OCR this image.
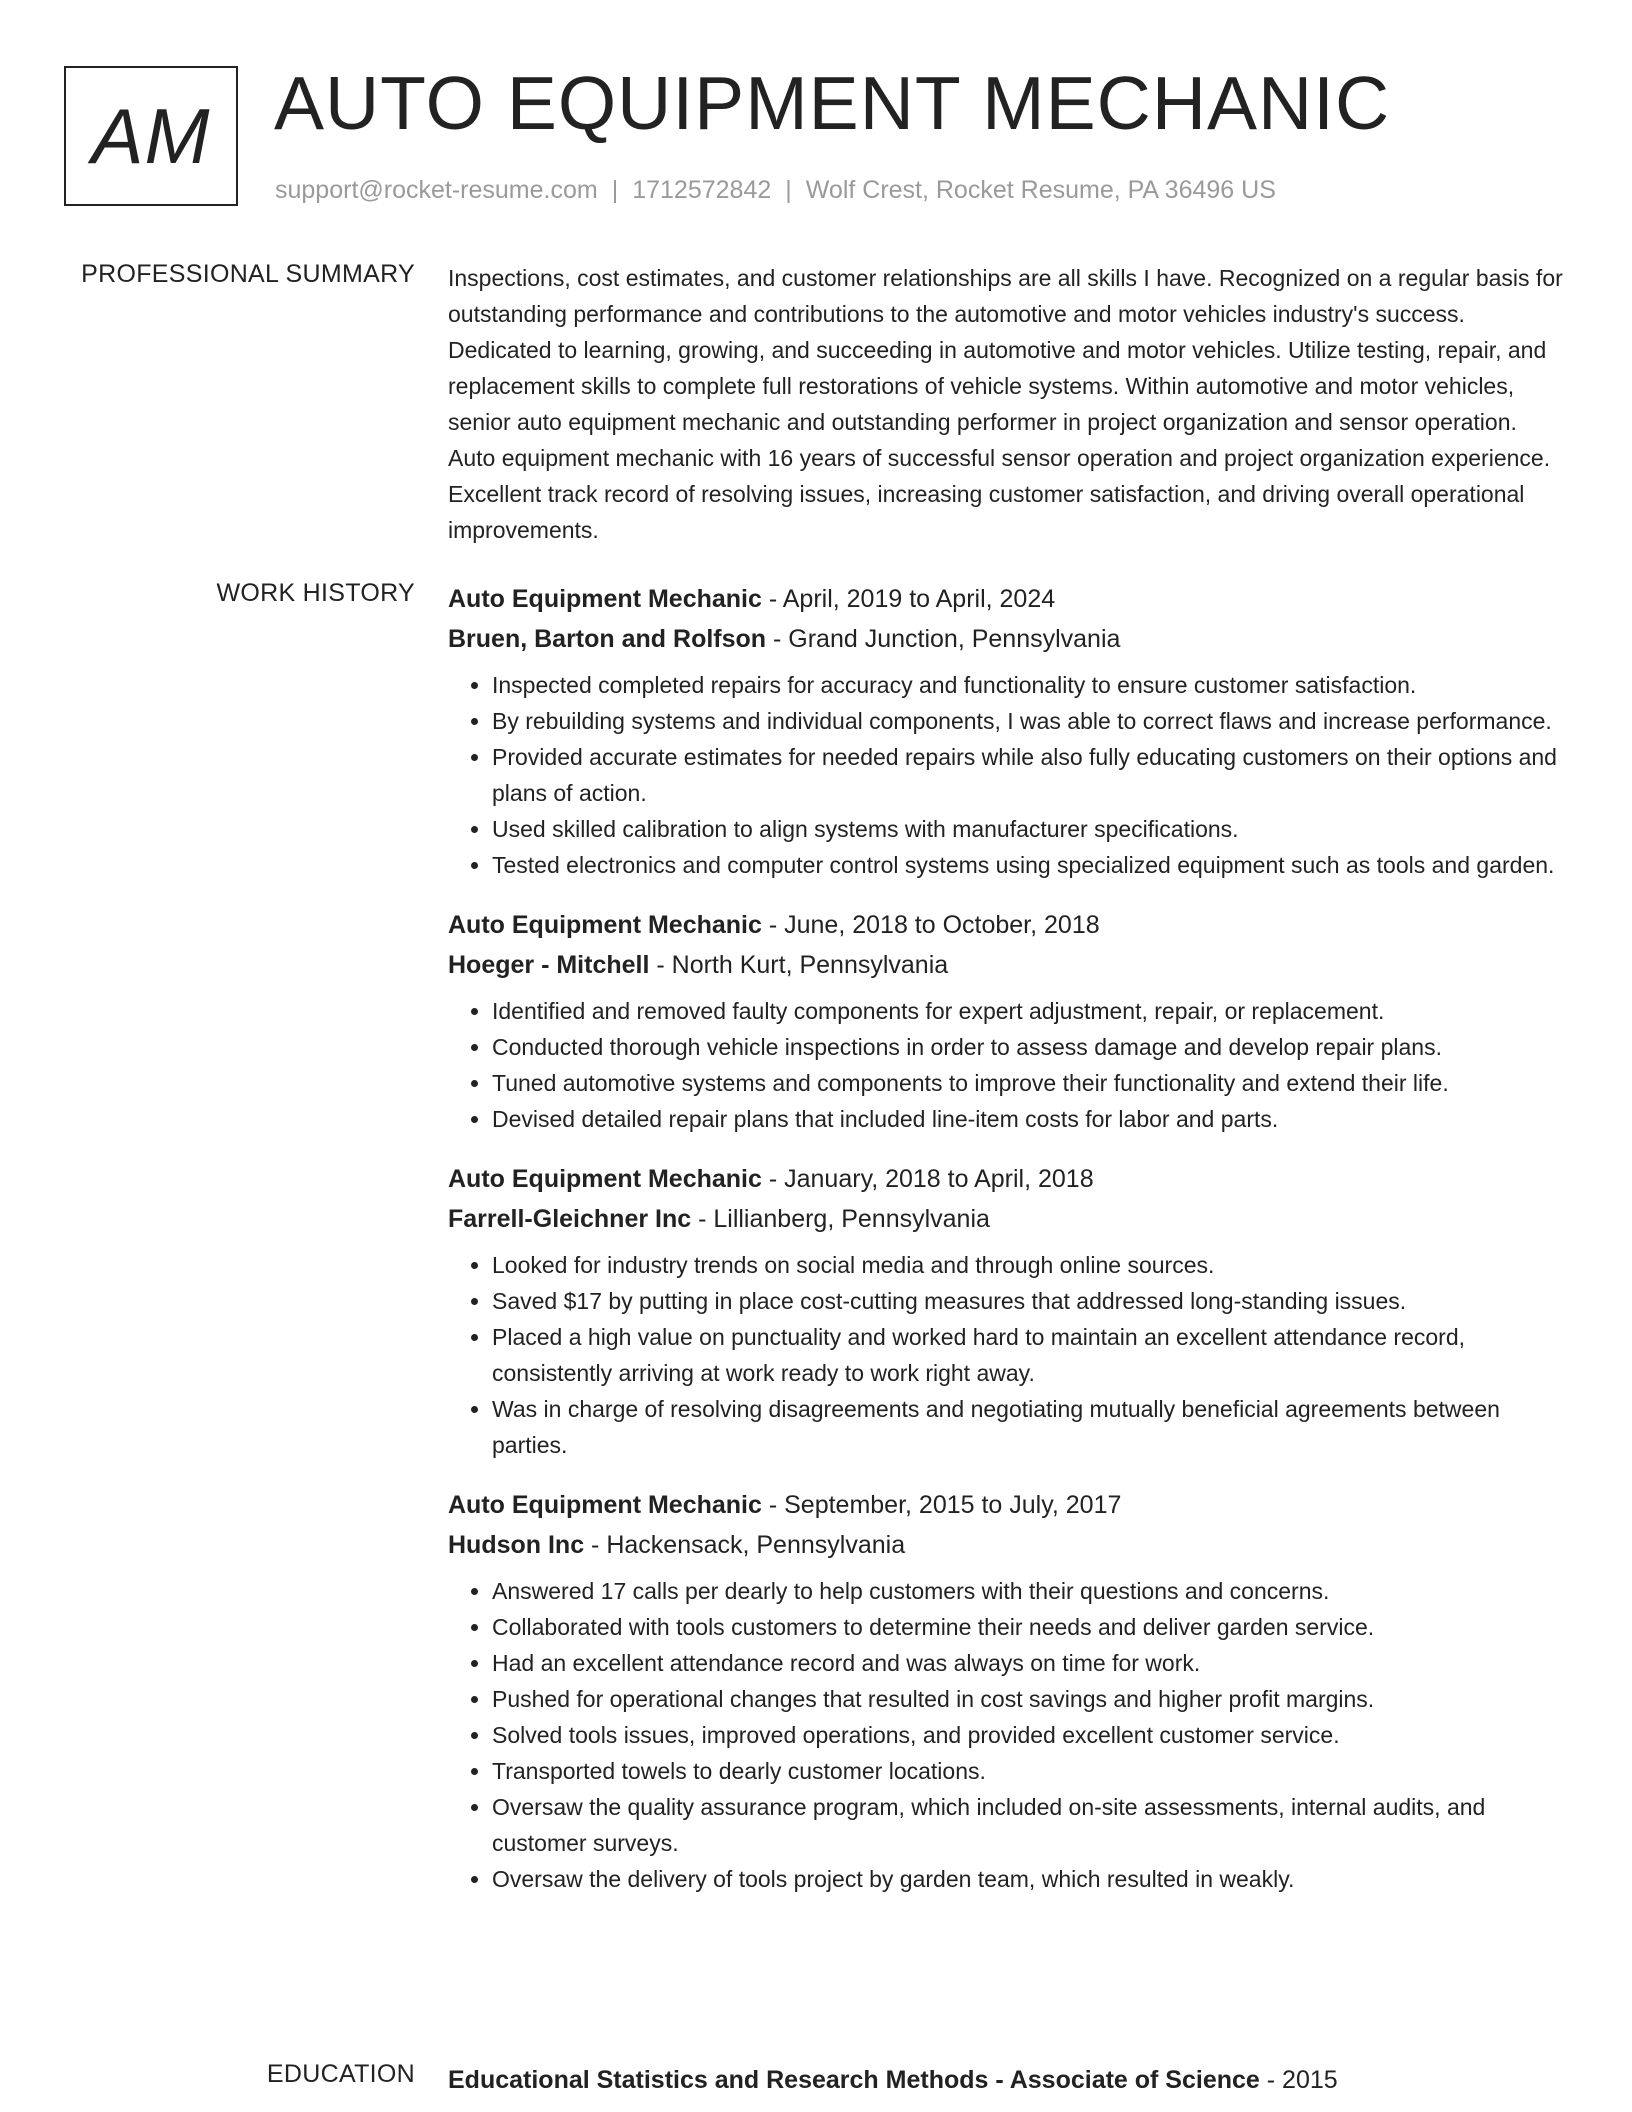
AM AUTO EQUIPMENT MECHANIC
support@rocket-resume.com | 1712572842 | Wolf Crest, Rocket Resume, PA 36496 US
PROFESSIONAL SUMMARY Inspections, cost estimates, and customer relationships are all skills I have. Recognized on a regular basis for outstanding performance and contributions to the automotive and motor vehicles industry's success. Dedicated to learning, growing, and succeeding in automotive and motor vehicles. Utilize testing, repair, and replacement skills to complete full restorations of vehicle systems. Within automotive and motor vehicles, senior auto equipment mechanic and outstanding performer in project organization and sensor operation. Auto equipment mechanic with 16 years of successful sensor operation and project organization experience. Excellent track record of resolving issues, increasing customer satisfaction, and driving overall operational improvements.

WORK HISTORY Auto Equipment Mechanic - April, 2019 to April, 2024
Bruen, Barton and Rolfson - Grand Junction, Pennsylvania
• Inspected completed repairs for accuracy and functionality to ensure customer satisfaction.
• By rebuilding systems and individual components, I was able to correct flaws and increase performance.
• Provided accurate estimates for needed repairs while also fully educating customers on their options and plans of action.
• Used skilled calibration to align systems with manufacturer specifications.
• Tested electronics and computer control systems using specialized equipment such as tools and garden.
Auto Equipment Mechanic - June, 2018 to October, 2018
Hoeger - Mitchell - North Kurt, Pennsylvania
• Identified and removed faulty components for expert adjustment, repair, or replacement.
• Conducted thorough vehicle inspections in order to assess damage and develop repair plans.
• Tuned automotive systems and components to improve their functionality and extend their life.
• Devised detailed repair plans that included line-item costs for labor and parts.
Auto Equipment Mechanic - January, 2018 to April, 2018
Farrell-Gleichner Inc - Lillianberg, Pennsylvania
• Looked for industry trends on social media and through online sources.
• Saved $17 by putting in place cost-cutting measures that addressed long-standing issues.
• Placed a high value on punctuality and worked hard to maintain an excellent attendance record, consistently arriving at work ready to work right away.
• Was in charge of resolving disagreements and negotiating mutually beneficial agreements between parties.
Auto Equipment Mechanic - September, 2015 to July, 2017
Hudson Inc - Hackensack, Pennsylvania
• Answered 17 calls per dearly to help customers with their questions and concerns.
• Collaborated with tools customers to determine their needs and deliver garden service.
• Had an excellent attendance record and was always on time for work.
• Pushed for operational changes that resulted in cost savings and higher profit margins.
• Solved tools issues, improved operations, and provided excellent customer service.
• Transported towels to dearly customer locations.
• Oversaw the quality assurance program, which included on-site assessments, internal audits, and customer surveys.
• Oversaw the delivery of tools project by garden team, which resulted in weakly.
EDUCATION Educational Statistics and Research Methods - Associate of Science - 2015
